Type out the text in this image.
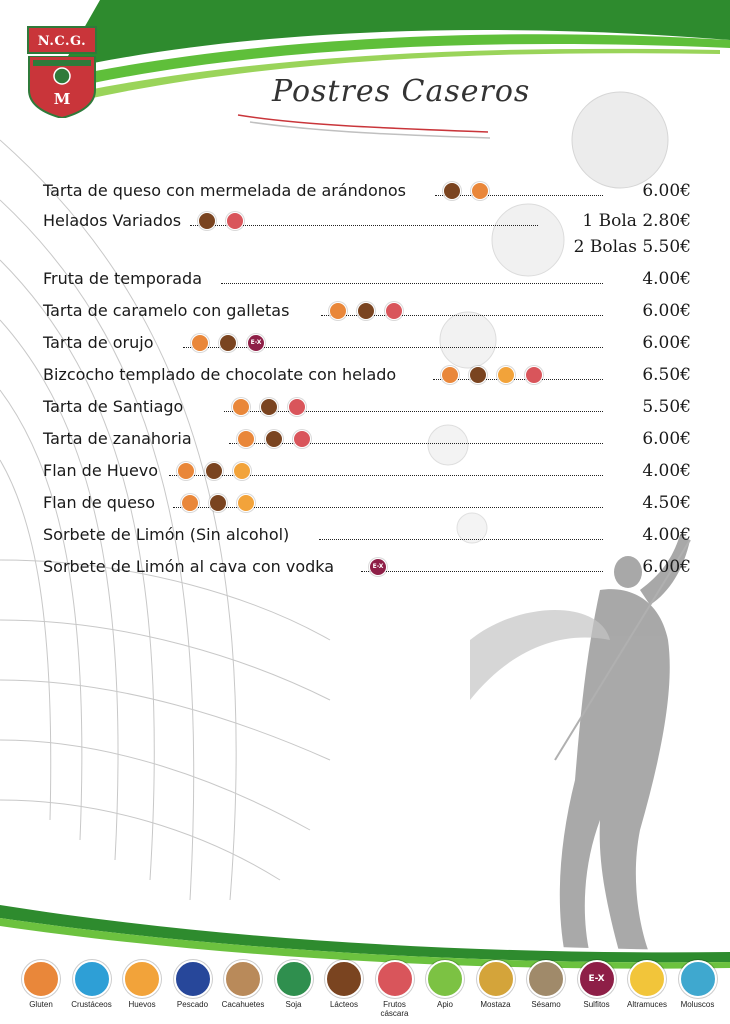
N.C.G.
M	Postres Caseros
Tarta de queso con mermelada de arándonos	6.00€
Helados Variados	1 Bola 2.80€
2 Bolas 5.50€
Fruta de temporada	4.00€
Tarta de caramelo con galletas	6.00€
Tarta de orujo	E-X	6.00€
Bizcocho templado de chocolate con helado	6.50€
Tarta de Santiago	5.50€
Tarta de zanahoria	6.00€
Flan de Huevo	4.00€
Flan de queso	4.50€
Sorbete de Limón (Sin alcohol)	4.00€
Sorbete de Limón al cava con vodka	E-X	6.00€
Gluten	Crustáceos	Huevos	Pescado	Cacahuetes	Soja	Lácteos	Frutos cáscara
Apio	Mostaza	Sésamo
E-X
Sulfitos	Altramuces	Moluscos
